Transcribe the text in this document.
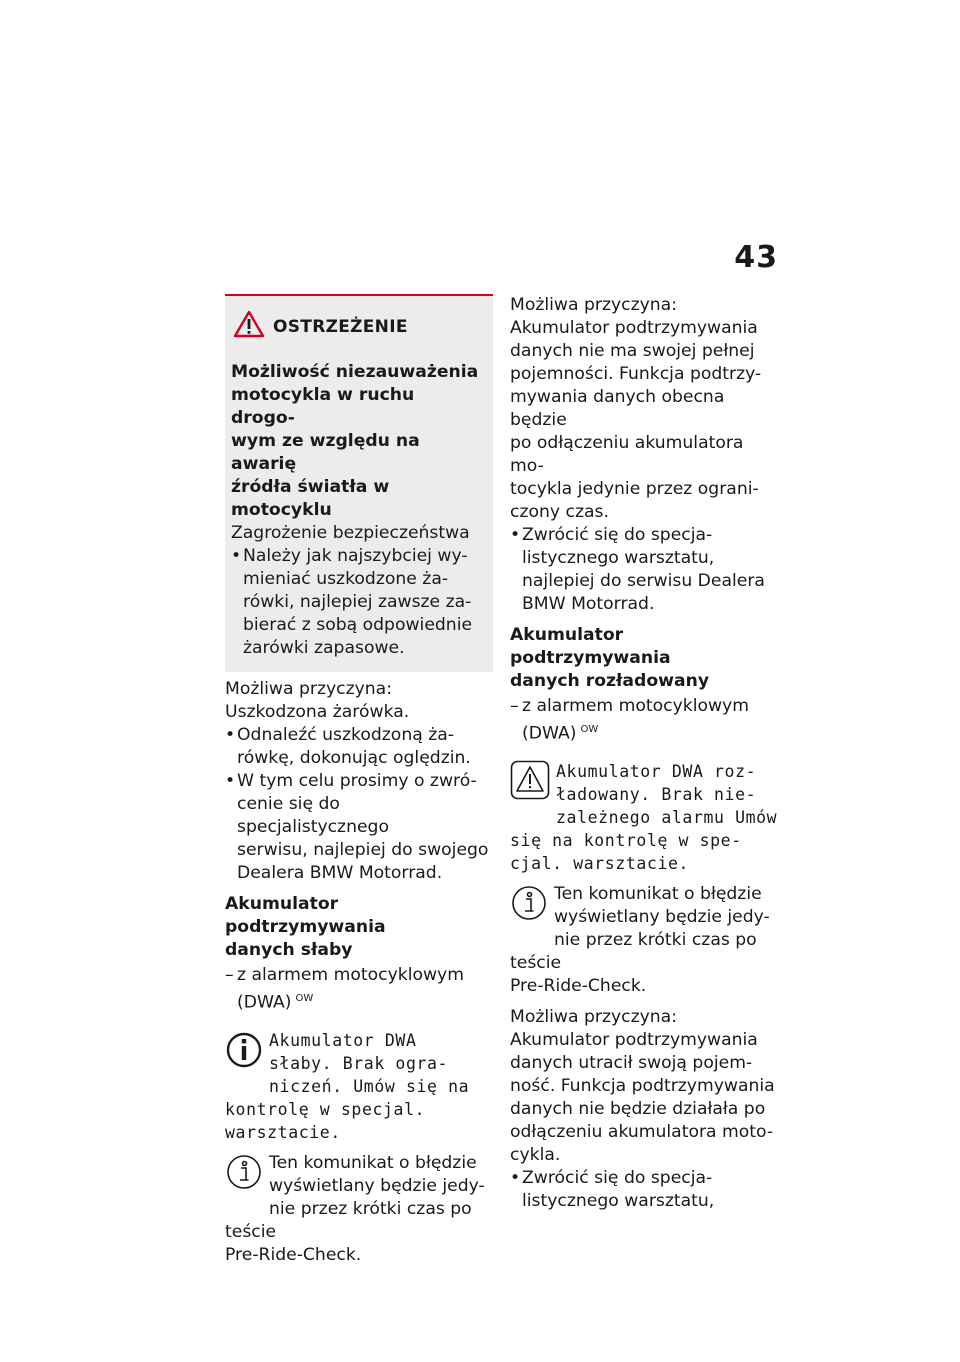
43
OSTRZEŻENIE
Możliwość niezauważenia
motocykla w ruchu drogo-
wym ze względu na awarię
źródła światła w motocyklu
Zagrożenie bezpieczeństwa
• Należy jak najszybciej wy-
mieniać uszkodzone ża-
rówki, najlepiej zawsze za-
bierać z sobą odpowiednie
żarówki zapasowe.
Możliwa przyczyna:
Uszkodzona żarówka.
• Odnaleźć uszkodzoną ża-
rówkę, dokonując oględzin.
• W tym celu prosimy o zwró-
cenie się do specjalistycznego
serwisu, najlepiej do swojego
Dealera BMW Motorrad.
Akumulator podtrzymywania
danych słaby
– z alarmem motocyklowym
(DWA) $^{OW}$
Akumulator DWA
słaby. Brak ogra-
niczeń. Umów się na
kontrolę w specjal.
warsztacie.
Ten komunikat o błędzie
wyświetlany będzie jedy-
nie przez krótki czas po teście
Pre-Ride-Check.
Możliwa przyczyna:
Akumulator podtrzymywania
danych nie ma swojej pełnej
pojemności. Funkcja podtrzy-
mywania danych obecna będzie
po odłączeniu akumulatora mo-
tocykla jedynie przez ograni-
czony czas.
• Zwrócić się do specja-
listycznego warsztatu,
najlepiej do serwisu Dealera
BMW Motorrad.
Akumulator podtrzymywania
danych rozładowany
– z alarmem motocyklowym
(DWA) $^{OW}$
Akumulator DWA roz-
ładowany. Brak nie-
zależnego alarmu Umów
się na kontrolę w spe-
cjal. warsztacie.
Ten komunikat o błędzie
wyświetlany będzie jedy-
nie przez krótki czas po teście
Pre-Ride-Check.
Możliwa przyczyna:
Akumulator podtrzymywania
danych utracił swoją pojem-
ność. Funkcja podtrzymywania
danych nie będzie działała po
odłączeniu akumulatora moto-
cykla.
• Zwrócić się do specja-
listycznego warsztatu,
